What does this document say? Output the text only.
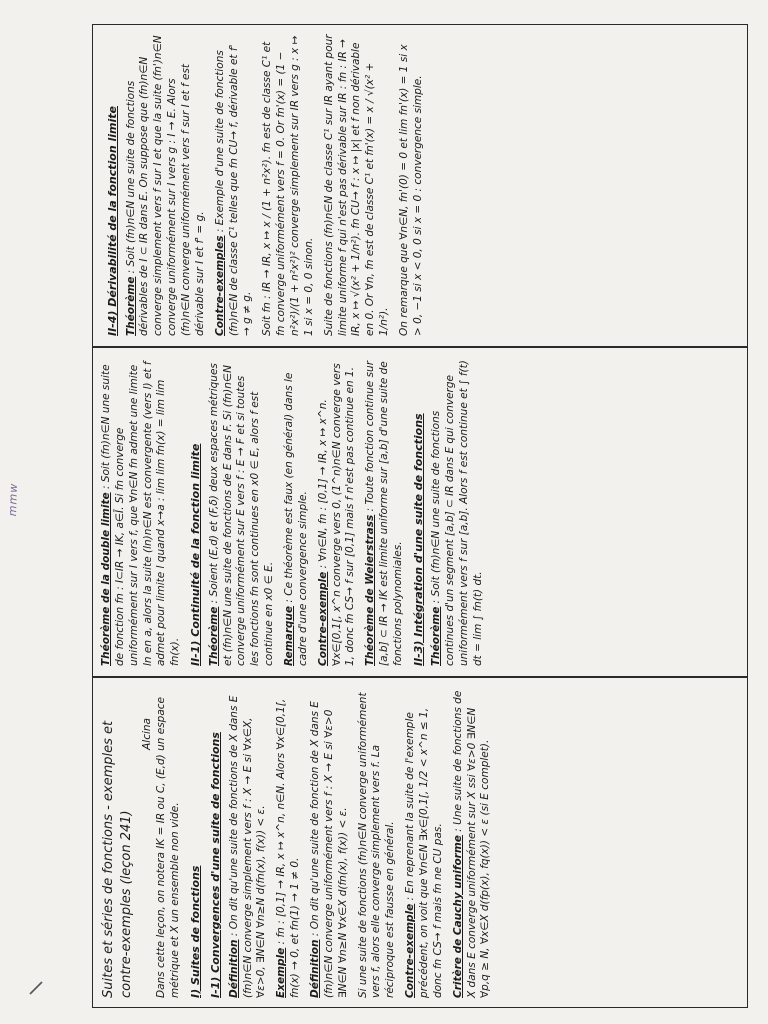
mmw

Suites et séries de fonctions - exemples et contre-exemples (leçon 241)

Alcina Dans cette leçon, on notera IK = IR ou C, (E,d) un espace métrique et X un ensemble non vide. I) Suites de fonctions I-1) Convergences d'une suite de fonctions Définition : On dit qu'une suite de fonctions de X dans E (fn)n∈N converge simplement vers f : X → E si ∀x∈X, ∀ε>0, ∃N∈N ∀n≥N d(fn(x), f(x)) < ε. Exemple : fn : [0,1] → IR, x ↦ x^n, n∈N. Alors ∀x∈[0,1[, fn(x) → 0, et fn(1) → 1 ≠ 0. Définition : On dit qu'une suite de fonction de X dans E (fn)n∈N converge uniformément vers f : X → E si ∀ε>0 ∃N∈N ∀n≥N ∀x∈X d(fn(x), f(x)) < ε. Si une suite de fonctions (fn)n∈N converge uniformément vers f, alors elle converge simplement vers f. La réciproque est fausse en général. Contre-exemple : En reprenant la suite de l'exemple précédent, on voit que ∀n∈N ∃x∈[0,1[, 1/2 < x^n ≤ 1, donc fn CS→ f mais fn ne CU pas. Critère de Cauchy uniforme : Une suite de fonctions de X dans E converge uniformément sur X ssi ∀ε>0 ∃N∈N ∀p,q ≥ N, ∀x∈X d(fp(x), fq(x)) < ε (si E complet).

Théorème de la double limite : Soit (fn)n∈N une suite de fonction fn : I⊂IR → IK, a∈Ī. Si fn converge uniformément sur I vers f, que ∀n∈N fn admet une limite ln en a, alors la suite (ln)n∈N est convergente (vers l) et f admet pour limite l quand x→a : lim lim fn(x) = lim lim fn(x). II-1) Continuité de la fonction limite Théorème : Soient (E,d) et (F,δ) deux espaces métriques et (fn)n∈N une suite de fonctions de E dans F. Si (fn)n∈N converge uniformément sur E vers f : E → F et si toutes les fonctions fn sont continues en x0 ∈ E, alors f est continue en x0 ∈ E. Remarque : Ce théorème est faux (en général) dans le cadre d'une convergence simple. Contre-exemple : ∀n∈N, fn : [0,1] → IR, x ↦ x^n. ∀x∈[0,1[, x^n converge vers 0, (1^n)n∈N converge vers 1, donc fn CS→ f sur [0,1] mais f n'est pas continue en 1. Théorème de Weierstrass : Toute fonction continue sur [a,b] ⊂ IR → IK est limite uniforme sur [a,b] d'une suite de fonctions polynomiales. II-3) Intégration d'une suite de fonctions Théorème : Soit (fn)n∈N une suite de fonctions continues d'un segment [a,b] ⊂ IR dans E qui converge uniformément vers f sur [a,b]. Alors f est continue et ∫ f(t) dt = lim ∫ fn(t) dt.

II-4) Dérivabilité de la fonction limite Théorème : Soit (fn)n∈N une suite de fonctions dérivables de I ⊂ IR dans E. On suppose que (fn)n∈N converge simplement vers f sur I et que la suite (fn')n∈N converge uniformément sur I vers g : I → E. Alors (fn)n∈N converge uniformément vers f sur I et f est dérivable sur I et f' = g. Contre-exemples : Exemple d'une suite de fonctions (fn)n∈N de classe C¹ telles que fn CU→ f, dérivable et f' → g ≠ g. Soit fn : IR → IR, x ↦ x / (1 + n²x²). fn est de classe C¹ et fn converge uniformément vers f = 0. Or fn'(x) = (1 − n²x²)/(1 + n²x²)² converge simplement sur IR vers g : x ↦ 1 si x = 0, 0 sinon. Suite de fonctions (fn)n∈N de classe C¹ sur IR ayant pour limite uniforme f qui n'est pas dérivable sur IR : fn : IR → IR, x ↦ √(x² + 1/n²). fn CU→ f : x ↦ |x| et f non dérivable en 0. Or ∀n, fn est de classe C¹ et fn'(x) = x / √(x² + 1/n²). On remarque que ∀n∈N, fn'(0) = 0 et lim fn'(x) = 1 si x > 0, −1 si x < 0, 0 si x = 0 : convergence simple.
